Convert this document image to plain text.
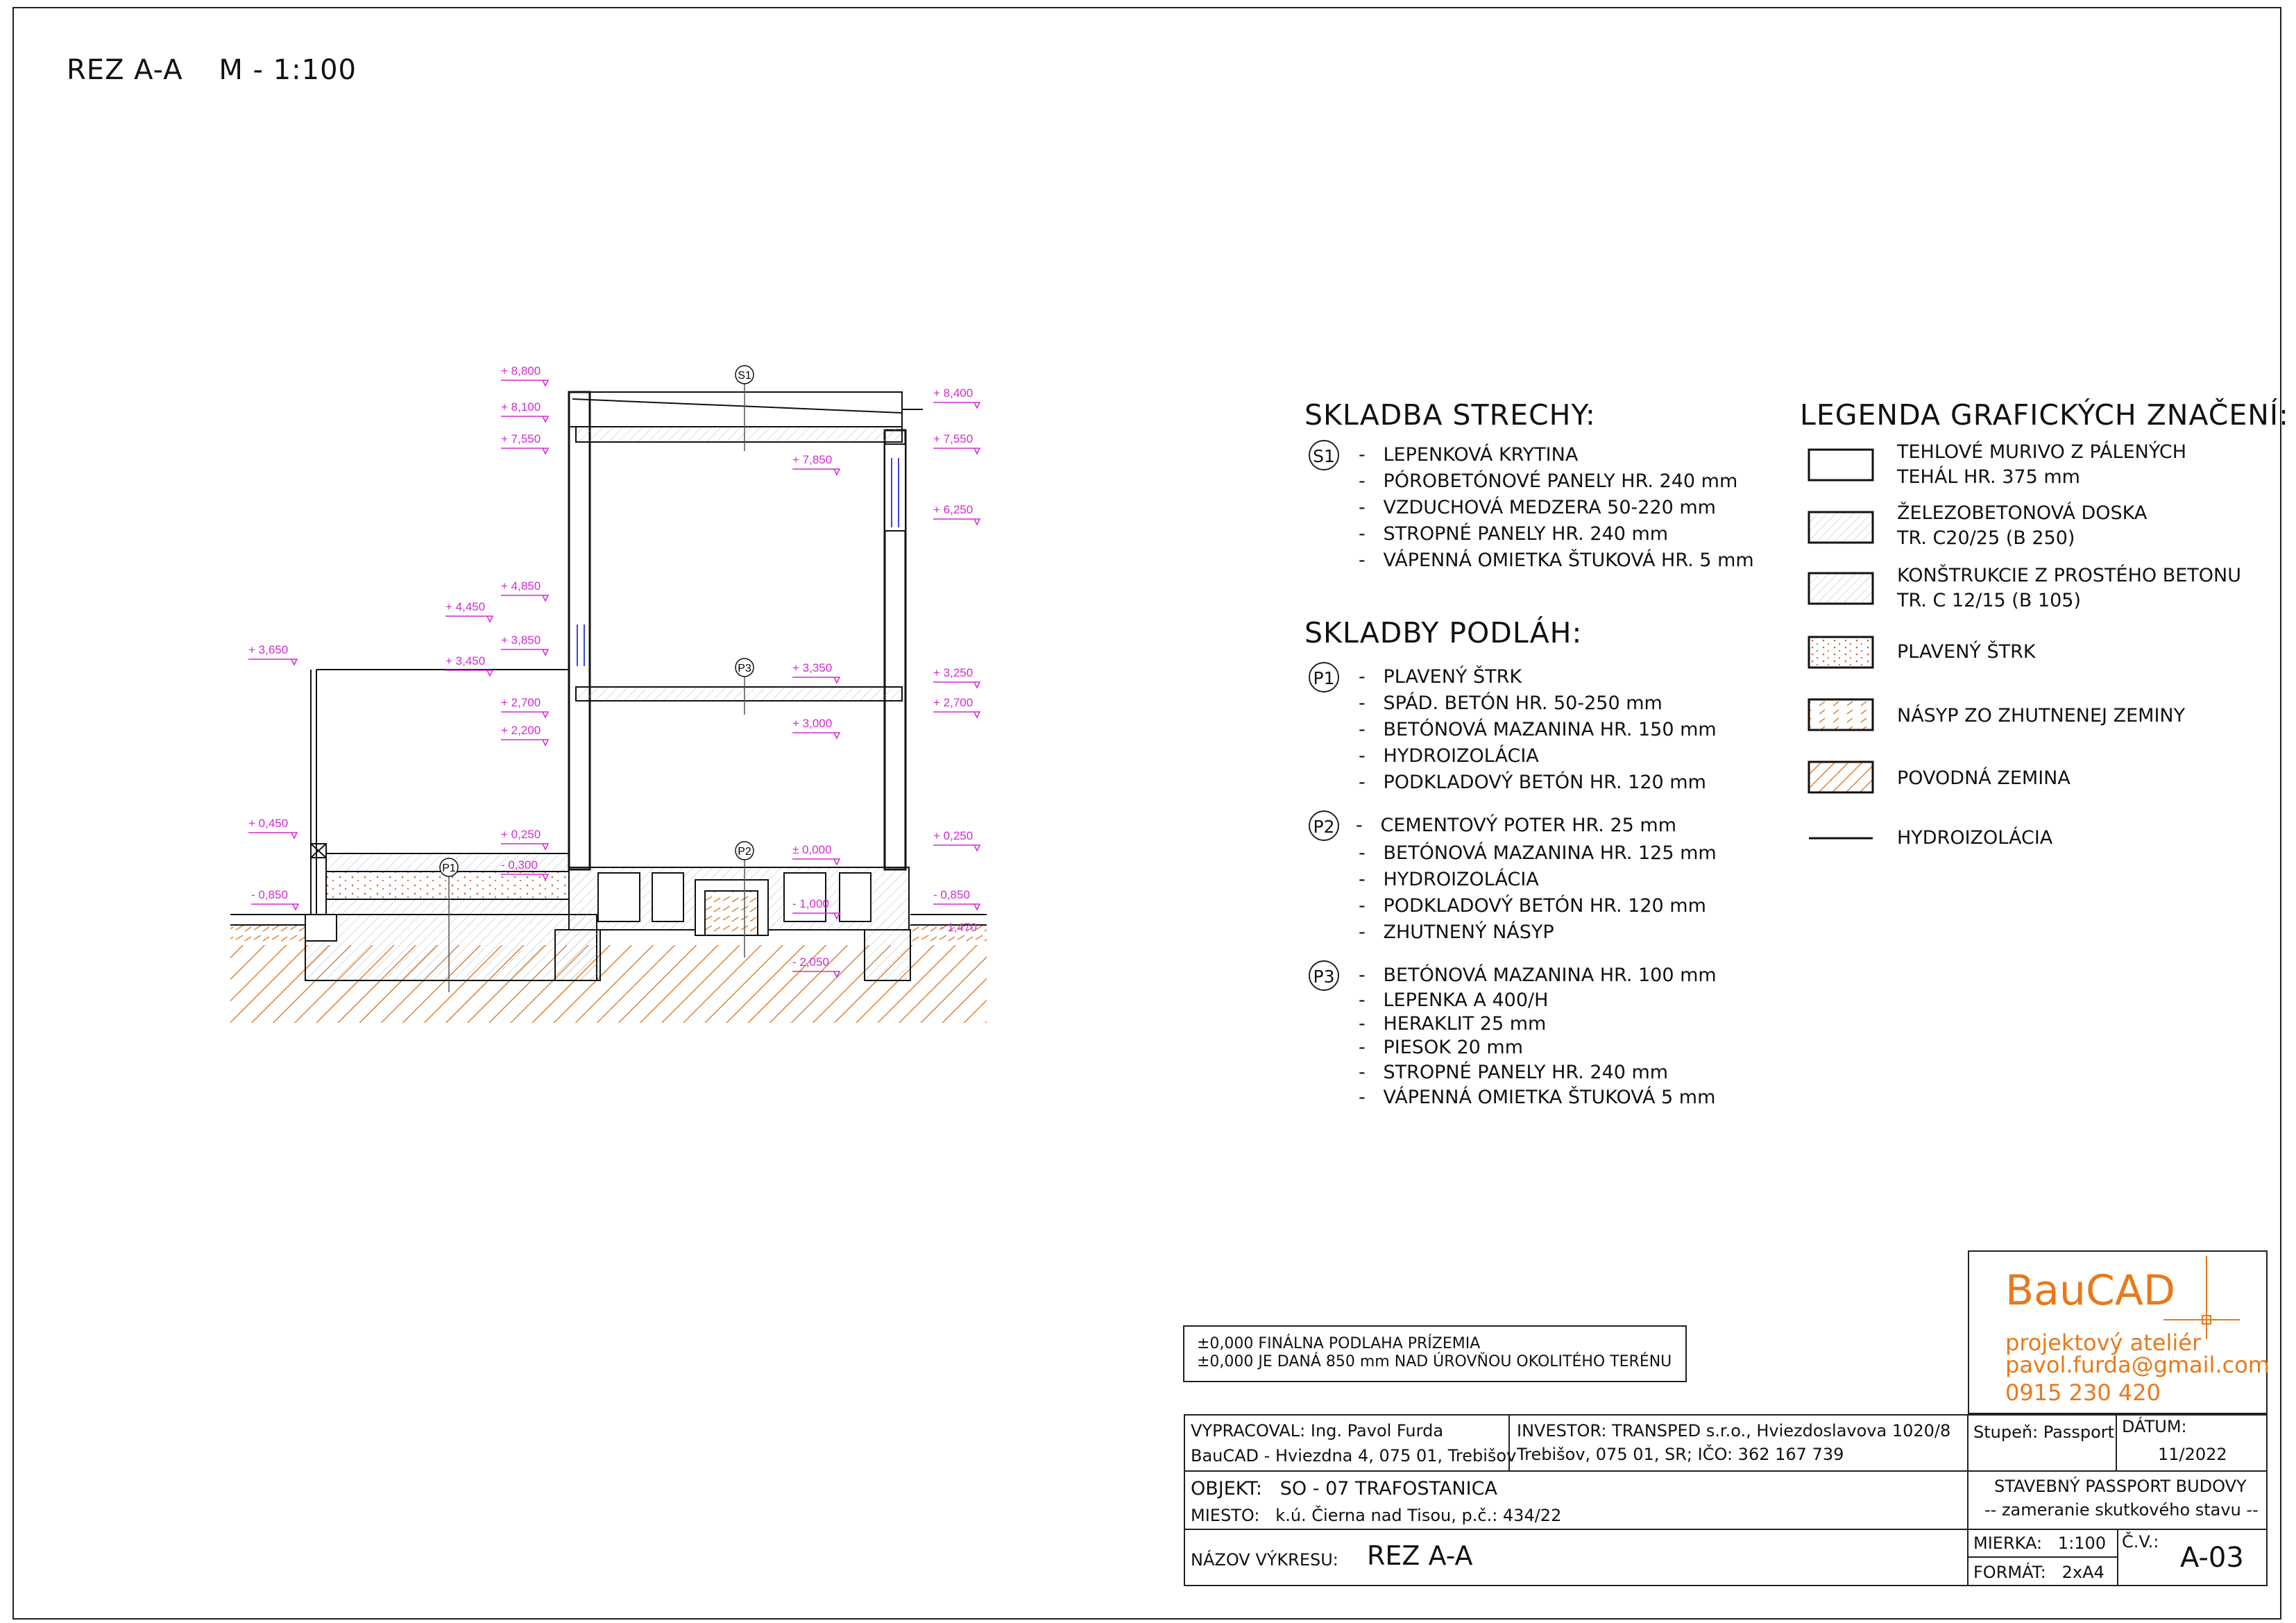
REZ A-A M - 1:100
S1
P3
P1
P2
+ 8,800
+ 8,100
+ 7,550
+ 4,850
+ 4,450
+ 3,850
+ 3,450
+ 3,650
+ 2,700
+ 2,200
+ 0,450
+ 0,250
- 0,300
- 0,850
+ 7,850
+ 3,350
+ 3,000
± 0,000
- 1,000
- 2,050
+ 8,400
+ 7,550
+ 6,250
+ 3,250
+ 2,700
+ 0,250
- 0,850
- 1,470
SKLADBA STRECHY:
S1 -   LEPENKOVÁ KRYTINA
-   PÓROBETÓNOVÉ PANELY HR. 240 mm
-   VZDUCHOVÁ MEDZERA 50-220 mm
-   STROPNÉ PANELY HR. 240 mm
-   VÁPENNÁ OMIETKA ŠTUKOVÁ HR. 5 mm
SKLADBY PODLÁH:
P1 -   PLAVENÝ ŠTRK
-   SPÁD. BETÓN HR. 50-250 mm
-   BETÓNOVÁ MAZANINA HR. 150 mm
-   HYDROIZOLÁCIA
-   PODKLADOVÝ BETÓN HR. 120 mm
P2 -   CEMENTOVÝ POTER HR. 25 mm
-   BETÓNOVÁ MAZANINA HR. 125 mm
-   HYDROIZOLÁCIA
-   PODKLADOVÝ BETÓN HR. 120 mm
-   ZHUTNENÝ NÁSYP
P3 -   BETÓNOVÁ MAZANINA HR. 100 mm
-   LEPENKA A 400/H
-   HERAKLIT 25 mm
-   PIESOK 20 mm
-   STROPNÉ PANELY HR. 240 mm
-   VÁPENNÁ OMIETKA ŠTUKOVÁ 5 mm
LEGENDA GRAFICKÝCH ZNAČENÍ:
TEHLOVÉ MURIVO Z PÁLENÝCH
TEHÁL HR. 375 mm
ŽELEZOBETONOVÁ DOSKA
TR. C20/25 (B 250)
KONŠTRUKCIE Z PROSTÉHO BETONU
TR. C 12/15 (B 105)
PLAVENÝ ŠTRK
NÁSYP ZO ZHUTNENEJ ZEMINY
POVODNÁ ZEMINA
HYDROIZOLÁCIA
±0,000 FINÁLNA PODLAHA PRÍZEMIA
±0,000 JE DANÁ 850 mm NAD ÚROVŇOU OKOLITÉHO TERÉNU
BauCAD
projektový ateliér
pavol.furda@gmail.com
0915 230 420
VYPRACOVAL: Ing. Pavol Furda
BauCAD - Hviezdna 4, 075 01, Trebišov
INVESTOR: TRANSPED s.r.o., Hviezdoslavova 1020/8
Trebišov, 075 01, SR; IČO: 362 167 739
Stupeň: Passport DÁTUM:
11/2022
OBJEKT: SO - 07 TRAFOSTANICA
MIESTO: k.ú. Čierna nad Tisou, p.č.: 434/22
STAVEBNÝ PASSPORT BUDOVY
-- zameranie skutkového stavu --
NÁZOV VÝKRESU: REZ A-A	MIERKA: 1:100
FORMÁT: 2xA4
Č.V.: A-03
